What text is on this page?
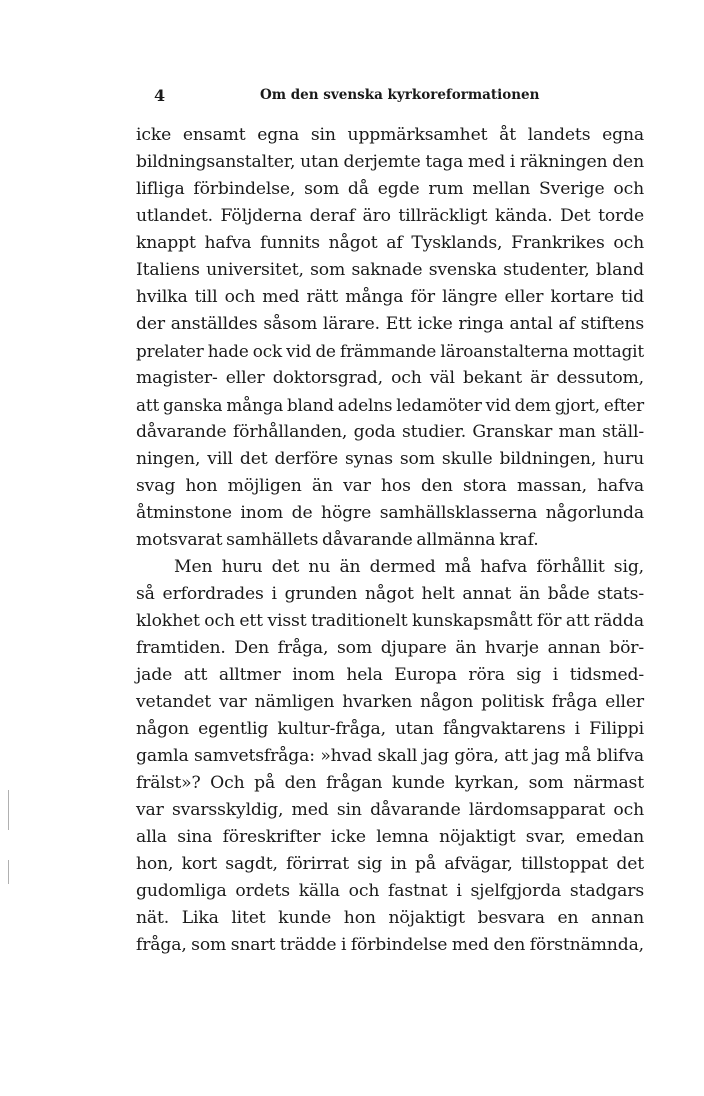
4	Om den svenska kyrkoreformationen
icke ensamt egna sin uppmärksamhet åt landets egna
bildningsanstalter, utan derjemte taga med i räkningen den
lifliga förbindelse, som då egde rum mellan Sverige och
utlandet. Följderna deraf äro tillräckligt kända. Det torde
knappt hafva funnits något af Tysklands, Frankrikes och
Italiens universitet, som saknade svenska studenter, bland
hvilka till och med rätt många för längre eller kortare tid
der anställdes såsom lärare. Ett icke ringa antal af stiftens
prelater hade ock vid de främmande läroanstalterna mottagit
magister- eller doktorsgrad, och väl bekant är dessutom,
att ganska många bland adelns ledamöter vid dem gjort, efter
dåvarande förhållanden, goda studier. Granskar man ställ-
ningen, vill det derföre synas som skulle bildningen, huru
svag hon möjligen än var hos den stora massan, hafva
åtminstone inom de högre samhällsklasserna någorlunda
motsvarat samhällets dåvarande allmänna kraf.
Men huru det nu än dermed må hafva förhållit sig,
så erfordrades i grunden något helt annat än både stats-
klokhet och ett visst traditionelt kunskapsmått för att rädda
framtiden. Den fråga, som djupare än hvarje annan bör-
jade att alltmer inom hela Europa röra sig i tidsmed-
vetandet var nämligen hvarken någon politisk fråga eller
någon egentlig kultur-fråga, utan fångvaktarens i Filippi
gamla samvetsfråga: »hvad skall jag göra, att jag må blifva
frälst»? Och på den frågan kunde kyrkan, som närmast
var svarsskyldig, med sin dåvarande lärdomsapparat och
alla sina föreskrifter icke lemna nöjaktigt svar, emedan
hon, kort sagdt, förirrat sig in på afvägar, tillstoppat det
gudomliga ordets källa och fastnat i sjelfgjorda stadgars
nät. Lika litet kunde hon nöjaktigt besvara en annan
fråga, som snart trädde i förbindelse med den förstnämnda,
